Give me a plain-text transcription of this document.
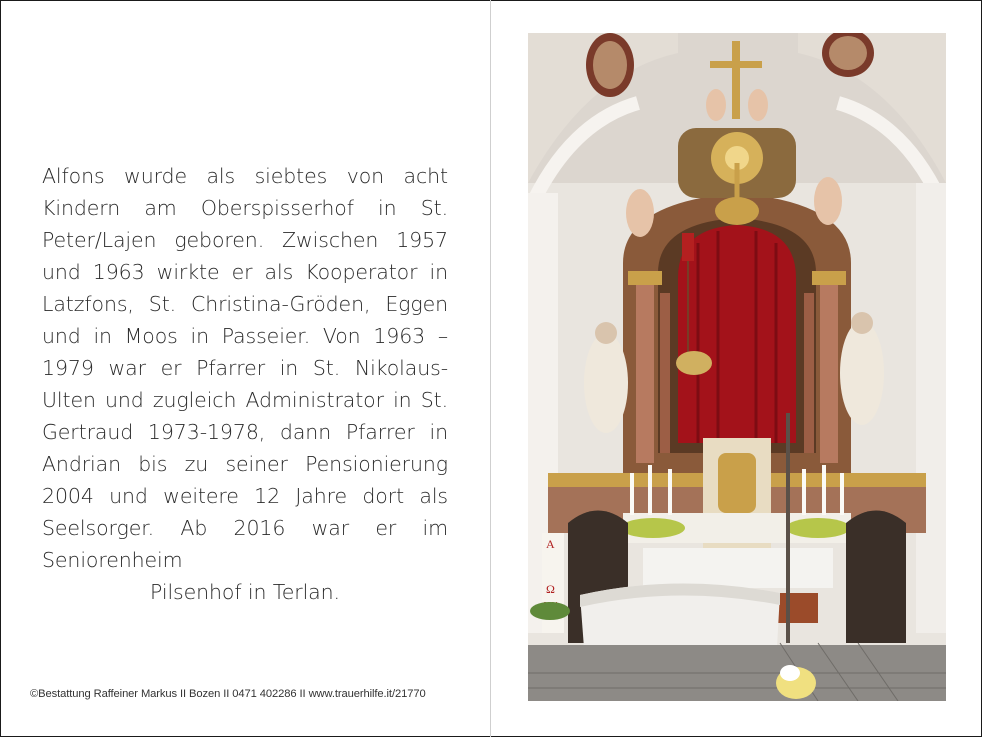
Alfons wurde als siebtes von acht Kindern am Oberspisserhof in St. Peter/Lajen geboren. Zwischen 1957 und 1963 wirkte er als Kooperator in Latzfons, St. Christina-Gröden, Eggen und in Moos in Passeier. Von 1963 – 1979 war er Pfarrer in St. Nikolaus-Ulten und zugleich Administrator in St. Gertraud 1973-1978, dann Pfarrer in Andrian bis zu seiner Pensionierung 2004 und weitere 12 Jahre dort als Seelsorger. Ab 2016 war er im Seniorenheim
Pilsenhof in Terlan.

©Bestattung Raffeiner Markus II Bozen II 0471 402286 II www.trauerhilfe.it/21770
A
Ω
